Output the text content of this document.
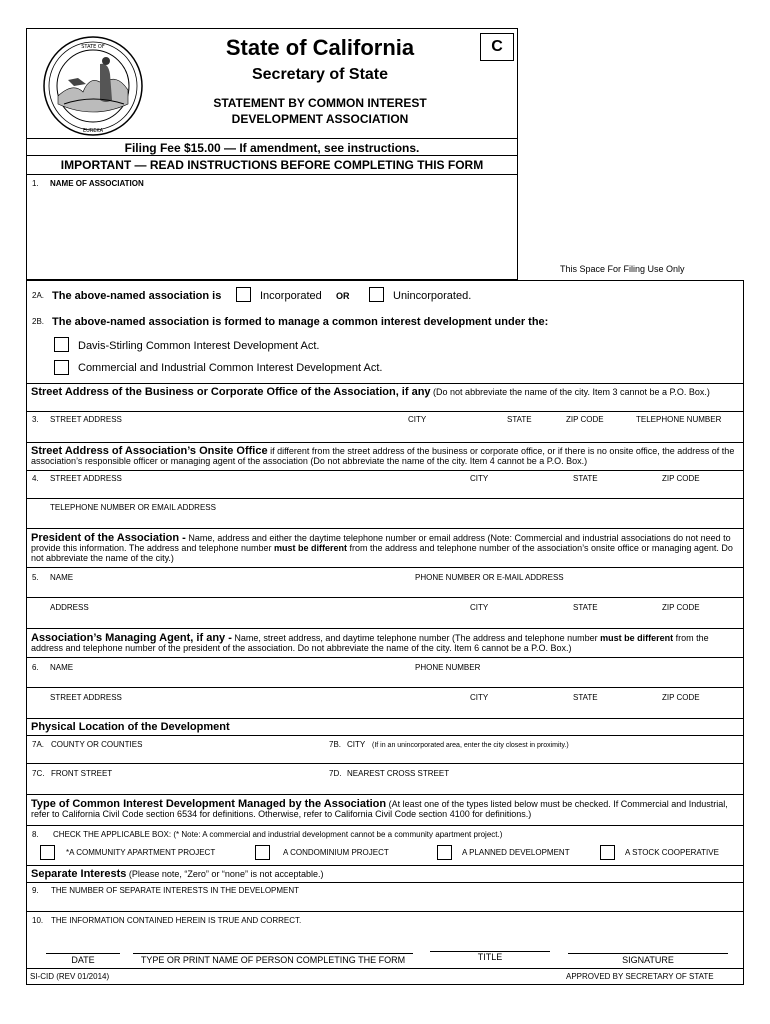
STATE OF
EUREKA
State of California
Secretary of State
STATEMENT BY COMMON INTEREST
DEVELOPMENT ASSOCIATION
C
Filing Fee $15.00 — If amendment, see instructions.
IMPORTANT — READ INSTRUCTIONS BEFORE COMPLETING THIS FORM
1. NAME OF ASSOCIATION
This Space For Filing Use Only
2A. The above-named association is	Incorporated OR	Unincorporated.
2B. The above-named association is formed to manage a common interest development under the:
Davis-Stirling Common Interest Development Act.
Commercial and Industrial Common Interest Development Act.
Street Address of the Business or Corporate Office of the Association, if any (Do not abbreviate the name of the city. Item 3 cannot be a P.O. Box.)
3. STREET ADDRESS	CITY	STATE	ZIP CODE	TELEPHONE NUMBER
Street Address of Association’s Onsite Office if different from the street address of the business or corporate office, or if there is no onsite office, the address of the association’s responsible officer or managing agent of the association (Do not abbreviate the name of the city. Item 4 cannot be a P.O. Box.)
4. STREET ADDRESS	CITY	STATE	ZIP CODE
TELEPHONE NUMBER OR EMAIL ADDRESS
President of the Association - Name, address and either the daytime telephone number or email address (Note: Commercial and industrial associations do not need to provide this information. The address and telephone number must be different from the address and telephone number of the association’s onsite office or managing agent. Do not abbreviate the name of the city.)
5. NAME	PHONE NUMBER OR E-MAIL ADDRESS
ADDRESS	CITY	STATE	ZIP CODE
Association’s Managing Agent, if any - Name, street address, and daytime telephone number (The address and telephone number must be different from the address and telephone number of the president of the association. Do not abbreviate the name of the city. Item 6 cannot be a P.O. Box.)
6. NAME	PHONE NUMBER
STREET ADDRESS	CITY	STATE	ZIP CODE
Physical Location of the Development
7A. COUNTY OR COUNTIES	7B. CITY (If in an unincorporated area, enter the city closest in proximity.)
7C. FRONT STREET	7D. NEAREST CROSS STREET
Type of Common Interest Development Managed by the Association (At least one of the types listed below must be checked. If Commercial and Industrial, refer to California Civil Code section 6534 for definitions. Otherwise, refer to California Civil Code section 4100 for definitions.)
8. CHECK THE APPLICABLE BOX: (* Note: A commercial and industrial development cannot be a community apartment project.)
*A COMMUNITY APARTMENT PROJECT	A CONDOMINIUM PROJECT	A PLANNED DEVELOPMENT	A STOCK COOPERATIVE
Separate Interests (Please note, “Zero” or “none” is not acceptable.)
9. THE NUMBER OF SEPARATE INTERESTS IN THE DEVELOPMENT
10. THE INFORMATION CONTAINED HEREIN IS TRUE AND CORRECT.
DATE	TYPE OR PRINT NAME OF PERSON COMPLETING THE FORM	TITLE	SIGNATURE
SI-CID (REV 01/2014)	APPROVED BY SECRETARY OF STATE
